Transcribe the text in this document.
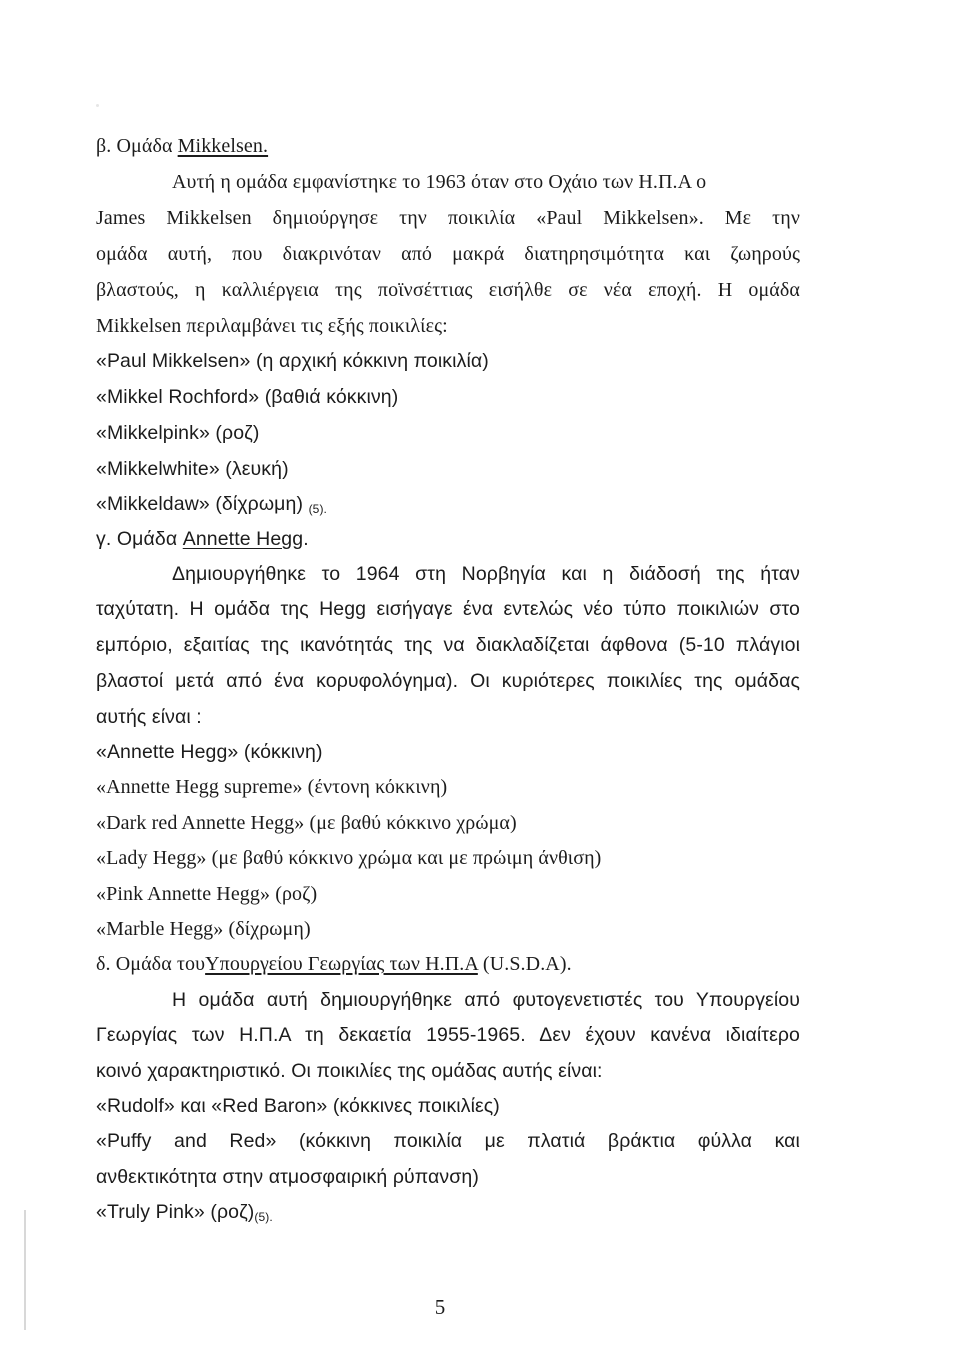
β. Ομάδα Mikkelsen.
Αυτή η ομάδα εμφανίστηκε το 1963 όταν στο Οχάιο των Η.Π.Α ο
James Mikkelsen δημιούργησε την ποικιλία «Paul Mikkelsen». Με την
ομάδα αυτή, που διακρινόταν από μακρά διατηρησιμότητα και ζωηρούς
βλαστούς, η καλλιέργεια της ποϊνσέττιας εισήλθε σε νέα εποχή. Η ομάδα
Mikkelsen περιλαμβάνει τις εξής ποικιλίες:
«Paul Mikkelsen» (η αρχική κόκκινη ποικιλία)
«Mikkel Rochford» (βαθιά κόκκινη)
«Mikkelpink» (ροζ)
«Mikkelwhite» (λευκή)
«Mikkeldaw» (δίχρωμη) (5).
γ. Ομάδα Annette Hegg.
Δημιουργήθηκε το 1964 στη Νορβηγία και η διάδοσή της ήταν
ταχύτατη. Η ομάδα της Hegg εισήγαγε ένα εντελώς νέο τύπο ποικιλιών στο
εμπόριο, εξαιτίας της ικανότητάς της να διακλαδίζεται άφθονα (5-10 πλάγιοι
βλαστοί μετά από ένα κορυφολόγημα). Οι κυριότερες ποικιλίες της ομάδας
αυτής είναι :
«Annette Hegg» (κόκκινη)
«Annette Hegg supreme» (έντονη κόκκινη)
«Dark red Annette Hegg» (με βαθύ κόκκινο χρώμα)
«Lady Hegg» (με βαθύ κόκκινο χρώμα και με πρώιμη άνθιση)
«Pink Annette Hegg» (ροζ)
«Marble Hegg» (δίχρωμη)
δ. Ομάδα τουΥπουργείου Γεωργίας των Η.Π.Α (U.S.D.A).
Η ομάδα αυτή δημιουργήθηκε από φυτογενετιστές του Υπουργείου
Γεωργίας των Η.Π.Α τη δεκαετία 1955-1965. Δεν έχουν κανένα ιδιαίτερο
κοινό χαρακτηριστικό. Οι ποικιλίες της ομάδας αυτής είναι:
«Rudolf» και «Red Baron» (κόκκινες ποικιλίες)
«Puffy and Red» (κόκκινη ποικιλία με πλατιά βράκτια φύλλα και
ανθεκτικότητα στην ατμοσφαιρική ρύπανση)
«Truly Pink» (ροζ)(5).
5
